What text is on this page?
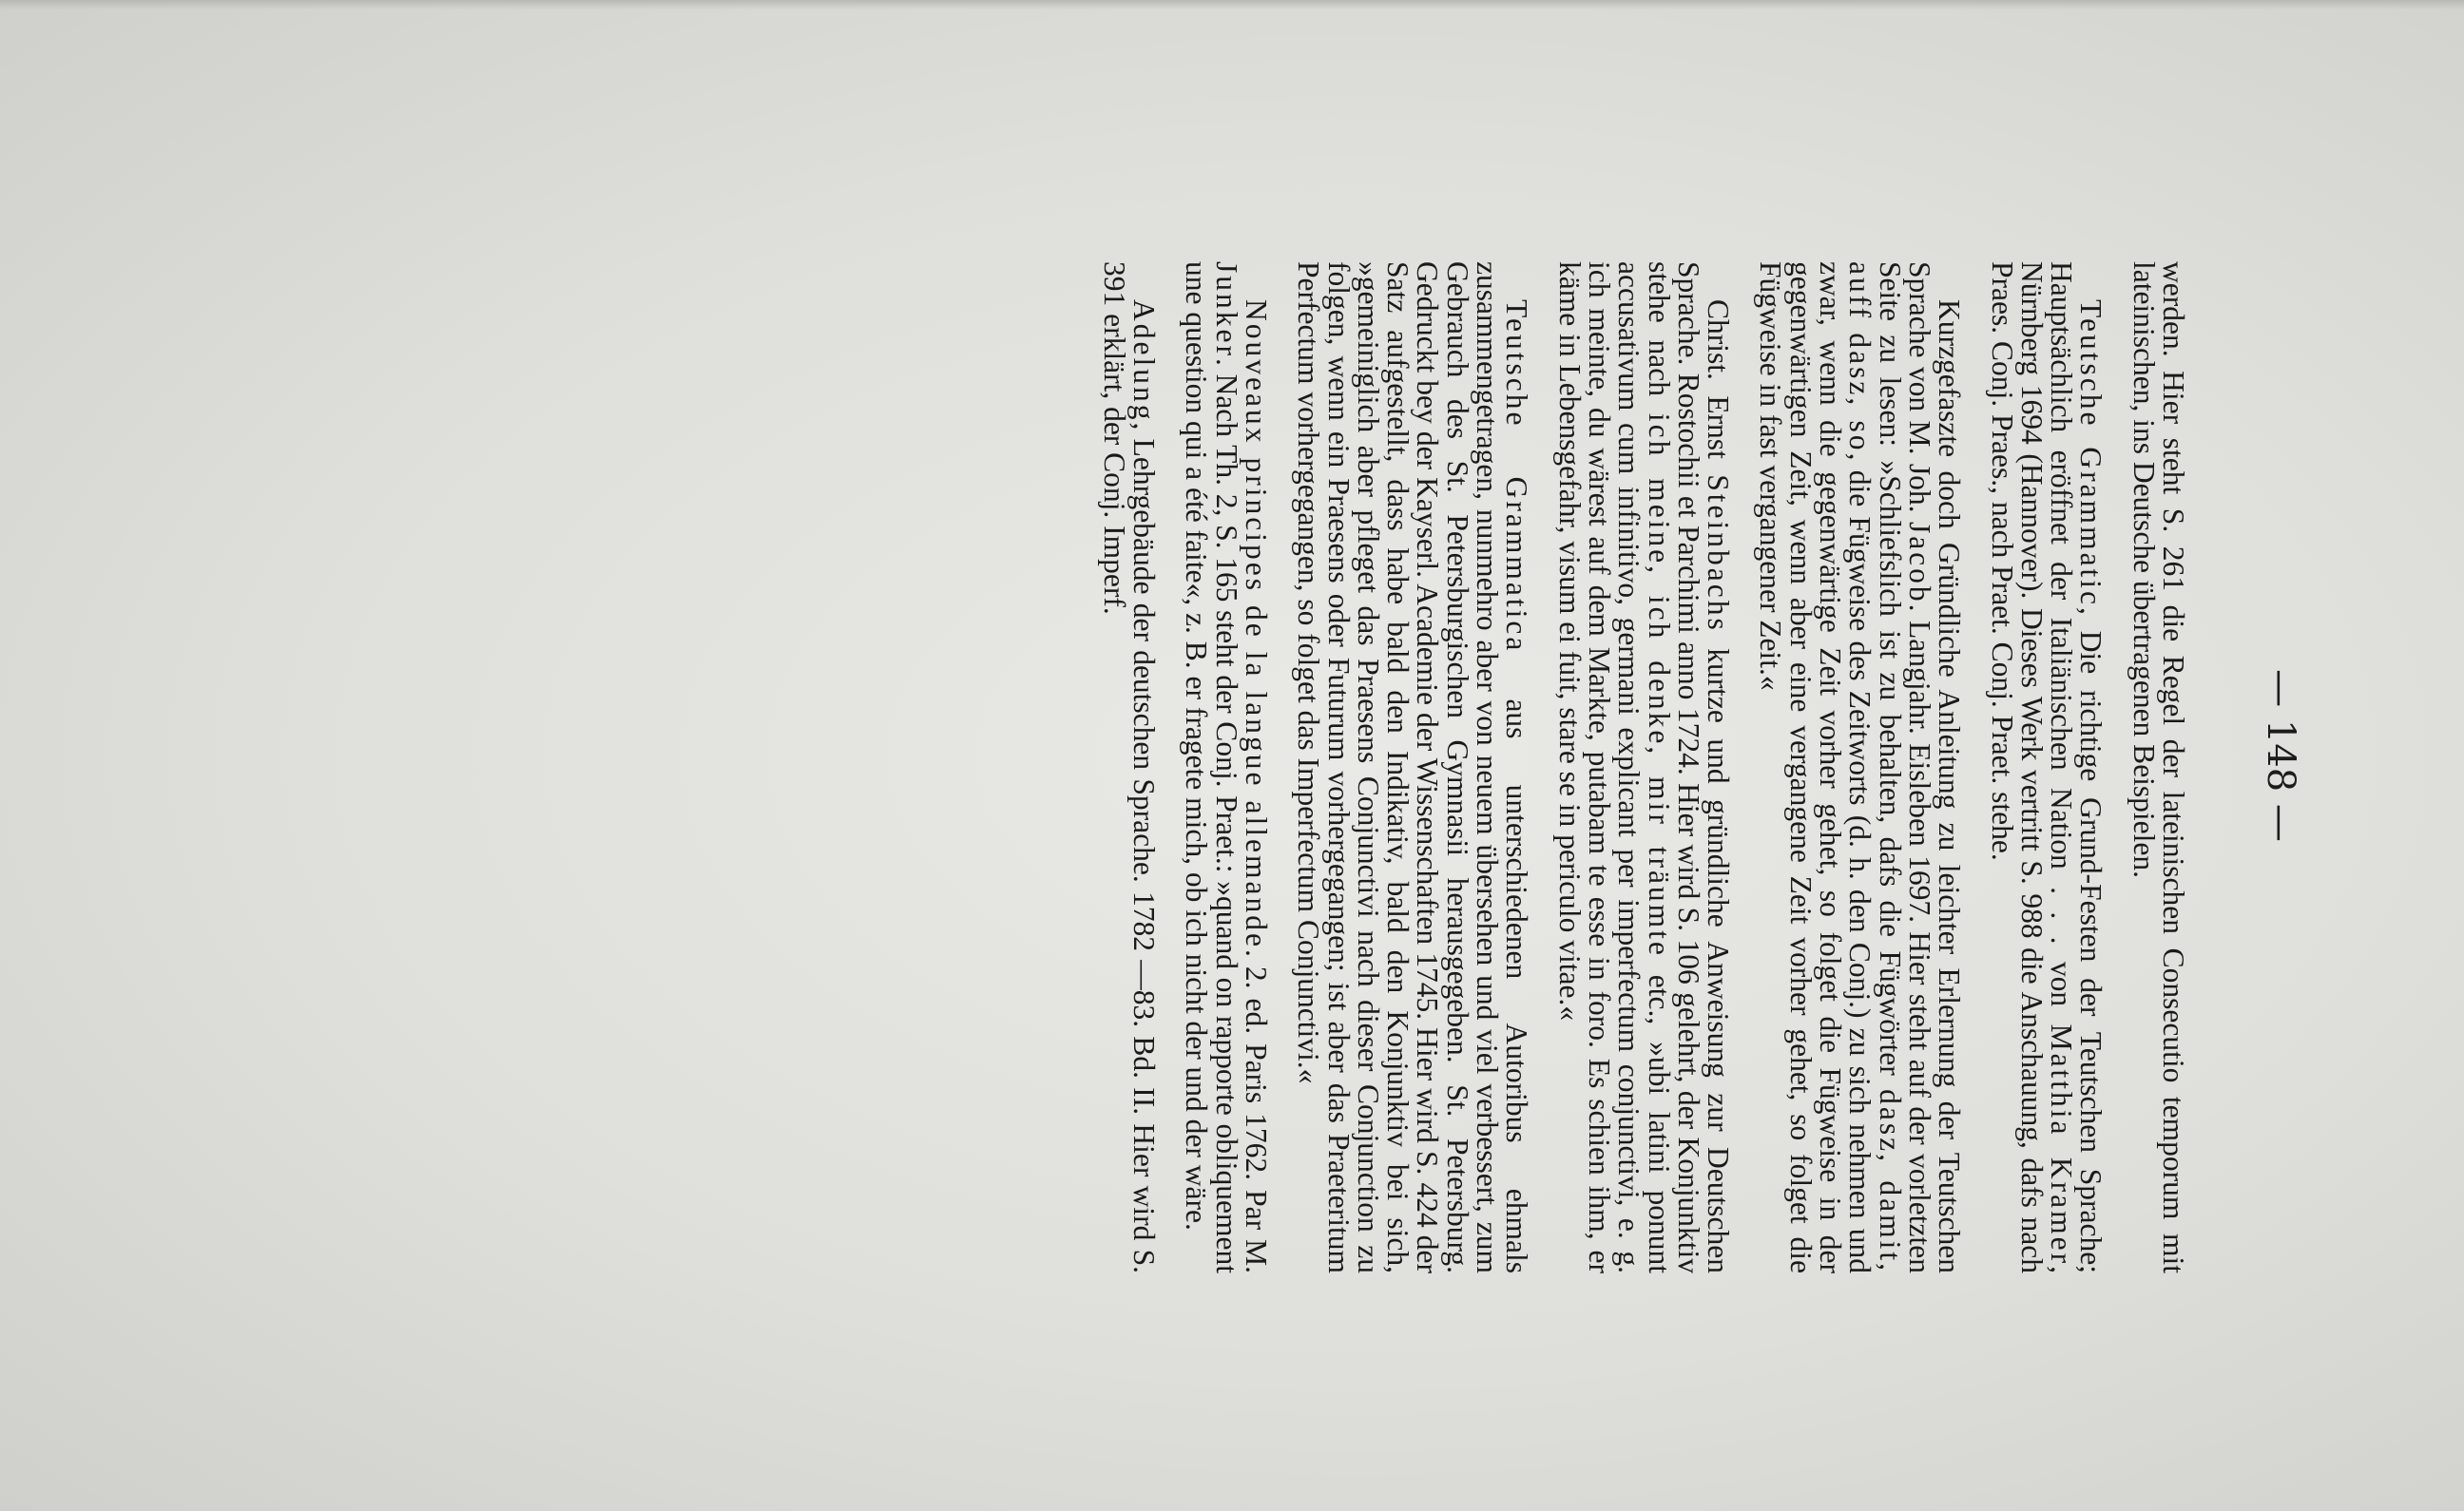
— 148 —

werden. Hier steht S. 261 die Regel der lateinischen Consecutio temporum mit lateinischen, ins Deutsche übertragenen Beispielen.

Teutsche Grammatic, Die richtige Grund-Festen der Teutschen Sprache; Hauptsächlich eröffnet der Italiänischen Nation . . . von Matthia Kramer, Nürnberg 1694 (Hannover). Dieses Werk vertritt S. 988 die Anschauung, dafs nach Praes. Conj. Praes., nach Praet. Conj. Praet. stehe.

Kurzgefaszte doch Gründliche Anleitung zu leichter Erlernung der Teutschen Sprache von M. Joh. Jacob. Langjahr. Eisleben 1697. Hier steht auf der vorletzten Seite zu lesen: »Schliefslich ist zu behalten, dafs die Fügwörter dasz, damit, auff dasz, so, die Fügweise des Zeitworts (d. h. den Conj.) zu sich nehmen und zwar, wenn die gegenwärtige Zeit vorher gehet, so folget die Fügweise in der gegenwärtigen Zeit, wenn aber eine vergangene Zeit vorher gehet, so folget die Fügweise in fast vergangener Zeit.«

Christ. Ernst Steinbachs kurtze und gründliche Anweisung zur Deutschen Sprache. Rostochii et Parchimi anno 1724. Hier wird S. 106 gelehrt, der Konjunktiv stehe nach ich meine, ich denke, mir träumte etc., »ubi latini ponunt accusativum cum infinitivo, germani explicant per imperfectum conjunctivi, e. g. ich meinte, du wärest auf dem Markte, putabam te esse in foro. Es schien ihm, er käme in Lebensgefahr, visum ei fuit, stare se in periculo vitae.«

Teutsche Grammatica aus unterschiedenen Autoribus ehmals zusammengetragen, nunmehro aber von neuem übersehen und viel verbessert, zum Gebrauch des St. Petersburgischen Gymnasii herausgegeben. St. Petersburg. Gedruckt bey der Kayserl. Academie der Wissenschaften 1745. Hier wird S. 424 der Satz aufgestellt, dass habe bald den Indikativ, bald den Konjunktiv bei sich, »gemeiniglich aber pfleget das Praesens Conjunctivi nach dieser Conjunction zu folgen, wenn ein Praesens oder Futurum vorhergegangen; ist aber das Praeteritum Perfectum vorhergegangen, so folget das Imperfectum Conjunctivi.«

Nouveaux principes de la langue allemande. 2. ed. Paris 1762. Par M. Junker. Nach Th. 2, S. 165 steht der Conj. Praet.: »quand on rapporte obliquement une question qui a été faite«, z. B. er fragete mich, ob ich nicht der und der wäre.

Adelung, Lehrgebäude der deutschen Sprache. 1782 —83. Bd. II. Hier wird S. 391 erklärt, der Conj. Imperf.
